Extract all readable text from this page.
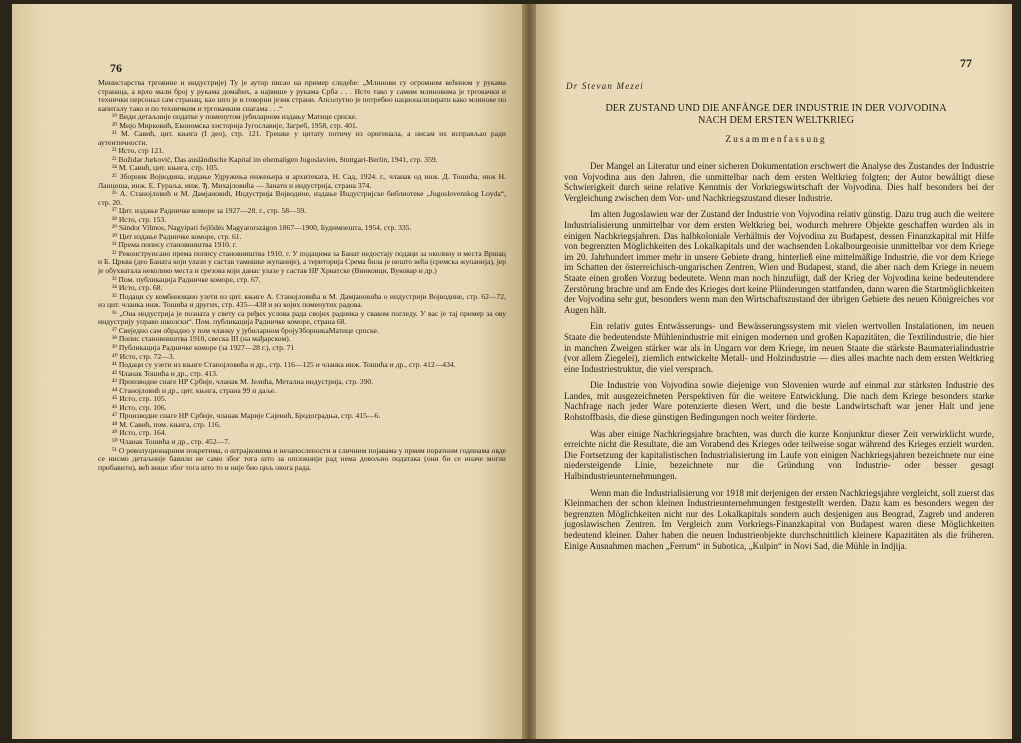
76

Министарства трговине и индустрије) Ту је аутор писао на пример следеће: „Млинови су огромном већином у рукама странаца, а врло мали број у рукама домаћих, а највише у рукама Срба . . . Исто тако у самим млиновима је трговачки и технички персонал сам странац, као што је и говорни језик страни. Апсолутно је потребно национализирати како млинове по капиталу тако и по техничким и трговачким снагама . . .“

¹⁹ Види детаљније податке у поменутом јубиларном издању Матице српске.

²⁰ Мијо Мирковић, Економска хисторија Југославије, Загреб, 1958, стр. 401.

²¹ М. Савић, цит. књига (I део), стр. 121. Грешке у цитату потичу из оригинала, а нисам их исправљао ради аутентичности.

²² Исто, стр 121.

²³ Božidar Jurković, Das ausländische Kapital im ehemaligen Jugoslavien, Stuttgart-Berlin, 1941, стр. 359.

²⁴ М. Савић, цит. књига, стр. 105.

²⁵ Зборник Војводина, издање Удружења инжењера и архитеката, Н. Сад, 1924. г., чланак од инж. Д. Тошића, инж Н. Ланцоша, инж. Е. Гураља, инж. Ђ. Михајловића — Занати и индустрија, страна 374.

²⁶ А. Станојловић и М. Дамјановић, Индустрија Војводине, издање Индустријске библиотеке „Jugoslovenskog Loyda“, стр. 20.

²⁷ Цит. издање Радничке коморе за 1927—28. г., стр. 58—59.

²⁸ Исто, стр. 153.

²⁹ Sándor Vilmos, Nagyipari fejlődés Magyarországon 1867—1900, Будимпешта, 1954, стр. 335.

³⁰ Цит издање Радничке коморе, стр. 61.

³¹ Према попису становништва 1910. г.

³² Реконструисано према попису становништва 1910. г. У подацима за Банат недостају подаци за околину и места Вршац и Б. Црква (део Баната који улази у састав тамишке жупаније), а територија Срема била је нешто већа (сремска жупанија), јер је обухватала неколико места и срезова који данас улазе у састав НР Хрватске (Винковци, Вуковар и др.)

³³ Пом. публикација Радничке коморе, стр. 67.

³⁴ Исто, стр. 68.

³⁵ Подаци су комбиновано узети из цит. књиге А. Станојловића и М. Дамјановића о индустрији Војводине, стр. 62—72, из цит. чланка инж. Тошића и других, стр. 435—438 и из којих поменутих радова.

³⁶ „Она индустрија је позната у свету са ређих услова рада својих радника у сваком погледу. У вас је тај пример за ову индустрију управо школски“. Пом. публикација Радничке коморе, страна 68.

³⁷ Свеједно сам обрадио у пом чланку у јубиларном бројуЗборникаМатице српске.

³⁸ Попис становништва 1910, свеска III (на мађарском).

³⁹ Публикација Радничке коморе (за 1927—28 г.), стр. 71

⁴⁰ Исто, стр. 72—3.

⁴¹ Подаци су узети из књиге Станојловића и др., стр. 116—125 и чланка инж. Тошића и др., стр. 412—434.

⁴² Чланак Тошића и др., стр. 413.

⁴³ Производне снаге НР Србије, чланак М. Јелића, Метална индустрија, стр. 390.

⁴⁴ Станојловић и др., цит. књига, страна 99 и даље.

⁴⁵ Исто, стр. 105.

⁴⁶ Исто, стр. 106.

⁴⁷ Производне снаге НР Србије, чланак Марије Сајевић, Бродоградња, стр. 415—6.

⁴⁸ М. Савић, пом. књига, стр. 116.

⁴⁹ Исто, стр. 164.

⁵⁰ Чланак Тошића и др., стр. 452—7.

⁵¹ О револуционарним покретима, о штрајковима и незапослености и сличним појавама у првим поратним годинама овде се нисмо детаљније бавили не само због тога што за опсежнији рад нема довољно података (они би се иначе могли прибавити), већ више због тога што то и није био циљ овога рада.

77
Dr Stevan Mezei
DER ZUSTAND UND DIE ANFÄNGE DER INDUSTRIE IN DER VOJVODINA
NACH DEM ERSTEN WELTKRIEG
Zusammenfassung

Der Mangel an Literatur und einer sicheren Dokumentation erschwert die Analyse des Zustandes der Industrie von Vojvodina aus den Jahren, die unmittelbar nach dem ersten Weltkrieg folgten; der Autor bewältigt diese Schwierigkeit durch seine relative Kenntnis der Vorkriegswirtschaft der Vojvodina. Dies half besonders bei der Vergleichung zwischen dem Vor- und Nachkriegszustand dieser Industrie.

Im alten Jugoslawien war der Zustand der Industrie von Vojvodina relativ günstig. Dazu trug auch die weitere Industrialisierung unmittelbar vor dem ersten Weltkrieg bei, wodurch mehrere Objekte geschaffen wurden als in einigen Nachkriegsjahren. Das halbkoloniale Verhältnis der Vojvodina zu Budapest, dessen Finanzkapital mit Hilfe von begrenzten Möglichkeiten des Lokalkapitals und der wachsenden Lokalbourgeoisie unmittelbar vor dem Kriege im 20. Jahrhundert immer mehr in unsere Gebiete drang, hinterließ eine mittelmäßige Industrie, die vor dem Kriege im Schatten der österreichisch-ungarischen Zentren, Wien und Budapest, stand, die aber nach dem Kriege in neuem Staate einen großen Vorzug bedeutete. Wenn man noch hinzufügt, daß der Krieg der Vojvodina keine bedeutendere Zerstörung brachte und am Ende des Krieges dort keine Plünderungen stattfanden, dann waren die Startmöglichkeiten der Vojvodina sehr gut, besonders wenn man den Wirtschaftszustand der übrigen Gebiete des neuen Königreiches vor Augen hält.

Ein relativ gutes Entwässerungs- und Bewässerungssystem mit vielen wertvollen Instalationen, im neuen Staate die bedeutendste Mühlenindustrie mit einigen modernen und großen Kapazitäten, die Textilindustrie, die hier in manchen Zweigen stärker war als in Ungarn vor dem Kriege, im neuen Staate die stärkste Baumaterialindustrie (vor allem Ziegelei), ziemlich entwickelte Metall- und Holzindustrie — dies alles machte nach dem ersten Weltkrieg eine Industriestruktur, die viel versprach.

Die Industrie von Vojvodina sowie diejenige von Slovenien wurde auf einmal zur stärksten Industrie des Landes, mit ausgezeichneten Perspektiven für die weitere Entwicklung. Die nach dem Kriege besonders starke Nachfrage nach jeder Ware potenzierte diesen Wert, und die beste Landwirtschaft war jener Halt und jene Rohstoffbasis, die diese günstigen Bedingungen noch weiter förderte.

Was aber einige Nachkriegsjahre brachten, was durch die kurze Konjunktur dieser Zeit verwirklicht wurde, erreichte nicht die Resultate, die am Vorabend des Krieges oder teilweise sogar während des Krieges erzielt wurden. Die Fortsetzung der kapitalistischen Industrialisierung im Laufe von einigen Nachkriegsjahren bezeichnete nur eine niedersteigende Linie, bezeichnete nur die Gründung von Industrie- oder besser gesagt Halbindustrieunternehmungen.

Wenn man die Industrialisierung vor 1918 mit derjenigen der ersten Nachkriegsjahre vergleicht, soll zuerst das Kleinmachen der schon kleinen Industrieunternehmungen festgestellt werden. Dazu kam es besonders wegen der begrenzten Möglichkeiten nicht nur des Lokalkapitals sondern auch desjenigen aus Beograd, Zagreb und anderen jugoslawischen Zentren. Im Vergleich zum Vorkriegs-Finanzkapital von Budapest waren diese Möglichkeiten bedeutend kleiner. Daher haben die neuen Industrieobjekte durchschnittlich kleinere Kapazitäten als die früheren. Einige Ausnahmen machen „Ferrum“ in Subotica, „Kulpin“ in Novi Sad, die Mühle in Indjija.
